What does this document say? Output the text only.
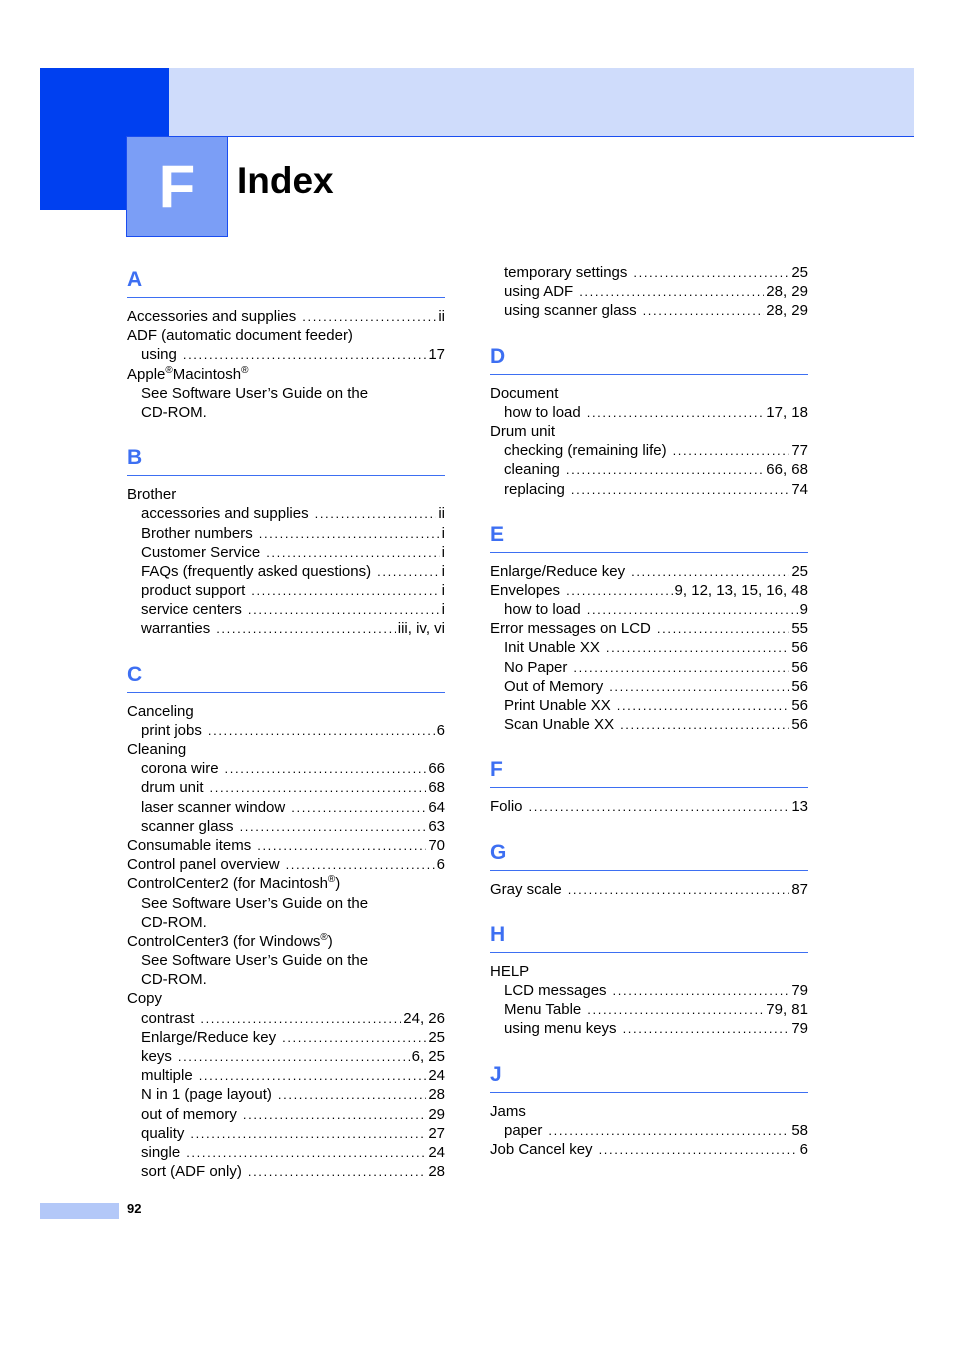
F	Index
A
Accessories and supplies . . .	ii
ADF (automatic document feeder)
using . . .	17
Apple®Macintosh®
See Software User’s Guide on the
CD-ROM.
B
Brother
accessories and supplies . . .	ii
Brother numbers . . .	i
Customer Service . . .	i
FAQs (frequently asked questions) . . .	i
product support . . .	i
service centers . . .	i
warranties . . .	iii, iv, vi
C
Canceling
print jobs . . .	6
Cleaning
corona wire . . .	66
drum unit . . .	68
laser scanner window . . .	64
scanner glass . . .	63
Consumable items . . .	70
Control panel overview . . .	6
ControlCenter2 (for Macintosh®)
See Software User’s Guide on the
CD-ROM.
ControlCenter3 (for Windows®)
See Software User’s Guide on the
CD-ROM.
Copy
contrast . . .	24, 26
Enlarge/Reduce key . . .	25
keys . . .	6, 25
multiple . . .	24
N in 1 (page layout) . . .	28
out of memory . . .	29
quality . . .	27
single . . .	24
sort (ADF only) . . .	28
temporary settings . . .	25
using ADF . . .	28, 29
using scanner glass . . .	28, 29
D
Document
how to load . . .	17, 18
Drum unit
checking (remaining life) . . .	77
cleaning . . .	66, 68
replacing . . .	74
E
Enlarge/Reduce key . . .	25
Envelopes . . .	9, 12, 13, 15, 16, 48
how to load . . .	9
Error messages on LCD . . .	55
Init Unable XX . . .	56
No Paper . . .	56
Out of Memory . . .	56
Print Unable XX . . .	56
Scan Unable XX . . .	56
F
Folio . . .	13
G
Gray scale . . .	87
H
HELP
LCD messages . . .	79
Menu Table . . .	79, 81
using menu keys . . .	79
J
Jams
paper . . .	58
Job Cancel key . . .	6
92
